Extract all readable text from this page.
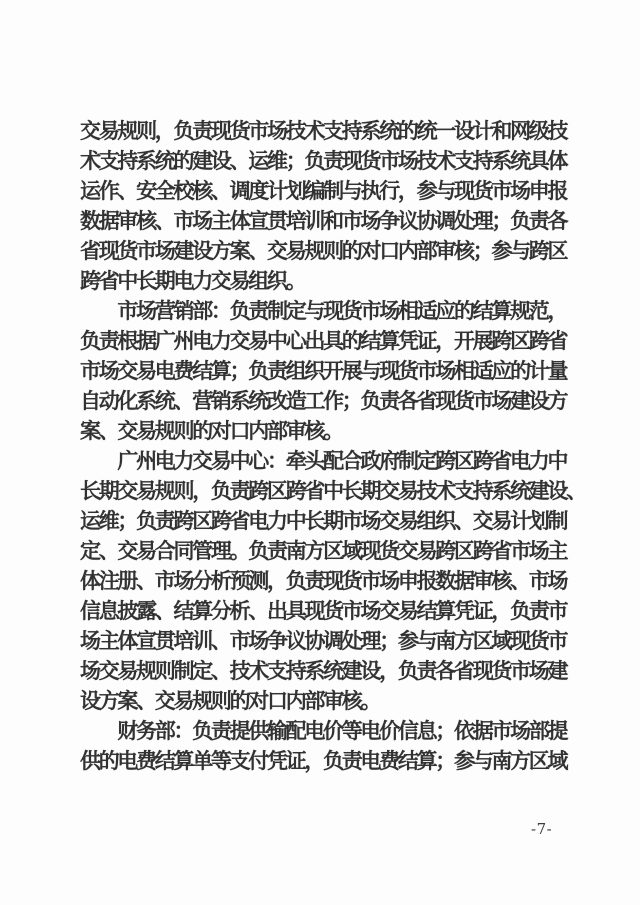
交易规则，负责现货市场技术支持系统的统一设计和网级技
术支持系统的建设、运维；负责现货市场技术支持系统具体
运作、安全校核、调度计划编制与执行，参与现货市场申报
数据审核、市场主体宣贯培训和市场争议协调处理；负责各
省现货市场建设方案、交易规则的对口内部审核；参与跨区
跨省中长期电力交易组织。
　　市场营销部：负责制定与现货市场相适应的结算规范，
负责根据广州电力交易中心出具的结算凭证，开展跨区跨省
市场交易电费结算；负责组织开展与现货市场相适应的计量
自动化系统、营销系统改造工作；负责各省现货市场建设方
案、交易规则的对口内部审核。
　　广州电力交易中心：牵头配合政府制定跨区跨省电力中
长期交易规则，负责跨区跨省中长期交易技术支持系统建设、
运维；负责跨区跨省电力中长期市场交易组织、交易计划制
定、交易合同管理。负责南方区域现货交易跨区跨省市场主
体注册、市场分析预测，负责现货市场申报数据审核、市场
信息披露、结算分析、出具现货市场交易结算凭证，负责市
场主体宣贯培训、市场争议协调处理；参与南方区域现货市
场交易规则制定、技术支持系统建设，负责各省现货市场建
设方案、交易规则的对口内部审核。
　　财务部：负责提供输配电价等电价信息；依据市场部提
供的电费结算单等支付凭证，负责电费结算；参与南方区域
-7-
